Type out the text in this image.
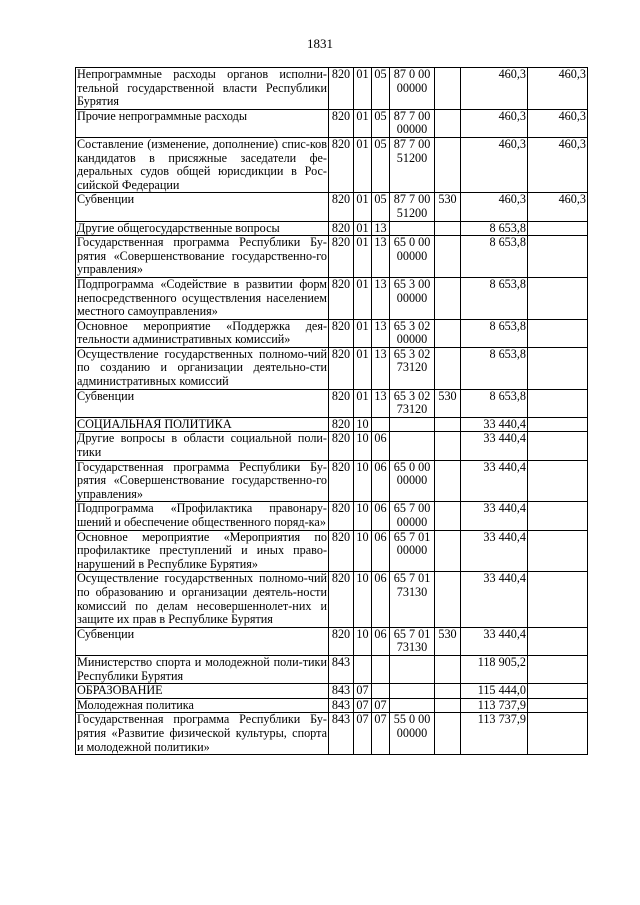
1831
Непрограммные расходы органов исполни-тельной государственной власти Республики Бурятия	820	01	05	87 0 00 00000		460,3	460,3
Прочие непрограммные расходы	820	01	05	87 7 00 00000		460,3	460,3
Составление (изменение, дополнение) спис-ков кандидатов в присяжные заседатели фе-деральных судов общей юрисдикции в Рос-сийской Федерации	820	01	05	87 7 00 51200		460,3	460,3
Субвенции	820	01	05	87 7 00 51200	530	460,3	460,3
Другие общегосударственные вопросы	820	01	13			8 653,8	
Государственная программа Республики Бу-рятия «Совершенствование государственно-го управления»	820	01	13	65 0 00 00000		8 653,8	
Подпрограмма «Содействие в развитии форм непосредственного осуществления населением местного самоуправления»	820	01	13	65 3 00 00000		8 653,8	
Основное мероприятие «Поддержка дея-тельности административных комиссий»	820	01	13	65 3 02 00000		8 653,8	
Осуществление государственных полномо-чий по созданию и организации деятельно-сти административных комиссий	820	01	13	65 3 02 73120		8 653,8	
Субвенции	820	01	13	65 3 02 73120	530	8 653,8	
СОЦИАЛЬНАЯ ПОЛИТИКА	820	10				33 440,4	
Другие вопросы в области социальной поли-тики	820	10	06			33 440,4	
Государственная программа Республики Бу-рятия «Совершенствование государственно-го управления»	820	10	06	65 0 00 00000		33 440,4	
Подпрограмма «Профилактика правонару-шений и обеспечение общественного поряд-ка»	820	10	06	65 7 00 00000		33 440,4	
Основное мероприятие «Мероприятия по профилактике преступлений и иных право-нарушений в Республике Бурятия»	820	10	06	65 7 01 00000		33 440,4	
Осуществление государственных полномо-чий по образованию и организации деятель-ности комиссий по делам несовершеннолет-них и защите их прав в Республике Бурятия	820	10	06	65 7 01 73130		33 440,4	
Субвенции	820	10	06	65 7 01 73130	530	33 440,4	
Министерство спорта и молодежной поли-тики Республики Бурятия	843					118 905,2	
ОБРАЗОВАНИЕ	843	07				115 444,0	
Молодежная политика	843	07	07			113 737,9	
Государственная программа Республики Бу-рятия «Развитие физической культуры, спорта и молодежной политики»	843	07	07	55 0 00 00000		113 737,9	
